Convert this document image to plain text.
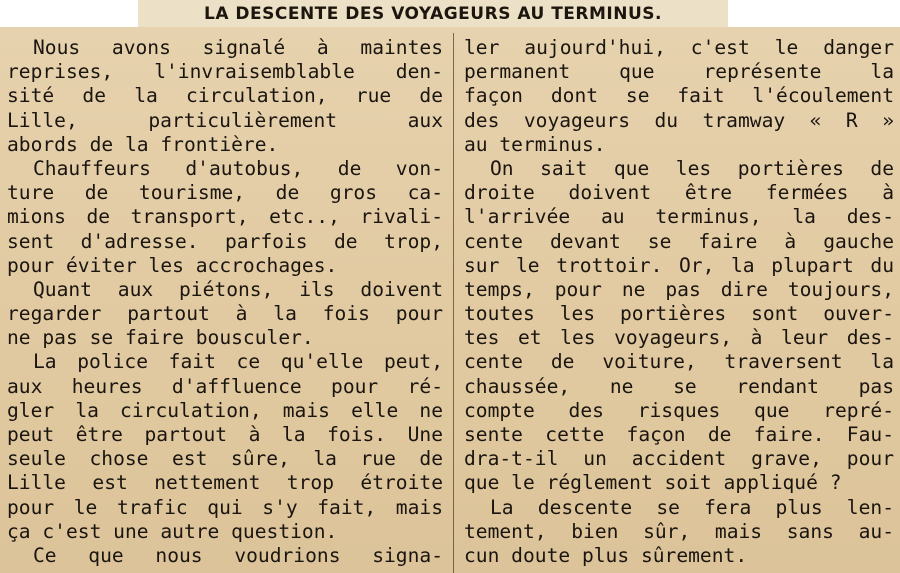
LA DESCENTE DES VOYAGEURS AU TERMINUS.
Nous avons signalé à maintes
reprises, l'invraisemblable den-
sité de la circulation, rue de
Lille, particulièrement aux
abords de la frontière.
Chauffeurs d'autobus, de von-
ture de tourisme, de gros ca-
mions de transport, etc.., rivali-
sent d'adresse. parfois de trop,
pour éviter les accrochages.
Quant aux piétons, ils doivent
regarder partout à la fois pour
ne pas se faire bousculer.
La police fait ce qu'elle peut,
aux heures d'affluence pour ré-
gler la circulation, mais elle ne
peut être partout à la fois. Une
seule chose est sûre, la rue de
Lille est nettement trop étroite
pour le trafic qui s'y fait, mais
ça c'est une autre question.
Ce que nous voudrions signa-
ler aujourd'hui, c'est le danger
permanent que représente la
façon dont se fait l'écoulement
des voyageurs du tramway « R »
au terminus.
On sait que les portières de
droite doivent être fermées à
l'arrivée au terminus, la des-
cente devant se faire à gauche
sur le trottoir. Or, la plupart du
temps, pour ne pas dire toujours,
toutes les portières sont ouver-
tes et les voyageurs, à leur des-
cente de voiture, traversent la
chaussée, ne se rendant pas
compte des risques que repré-
sente cette façon de faire. Fau-
dra-t-il un accident grave, pour
que le réglement soit appliqué ?
La descente se fera plus len-
tement, bien sûr, mais sans au-
cun doute plus sûrement.
